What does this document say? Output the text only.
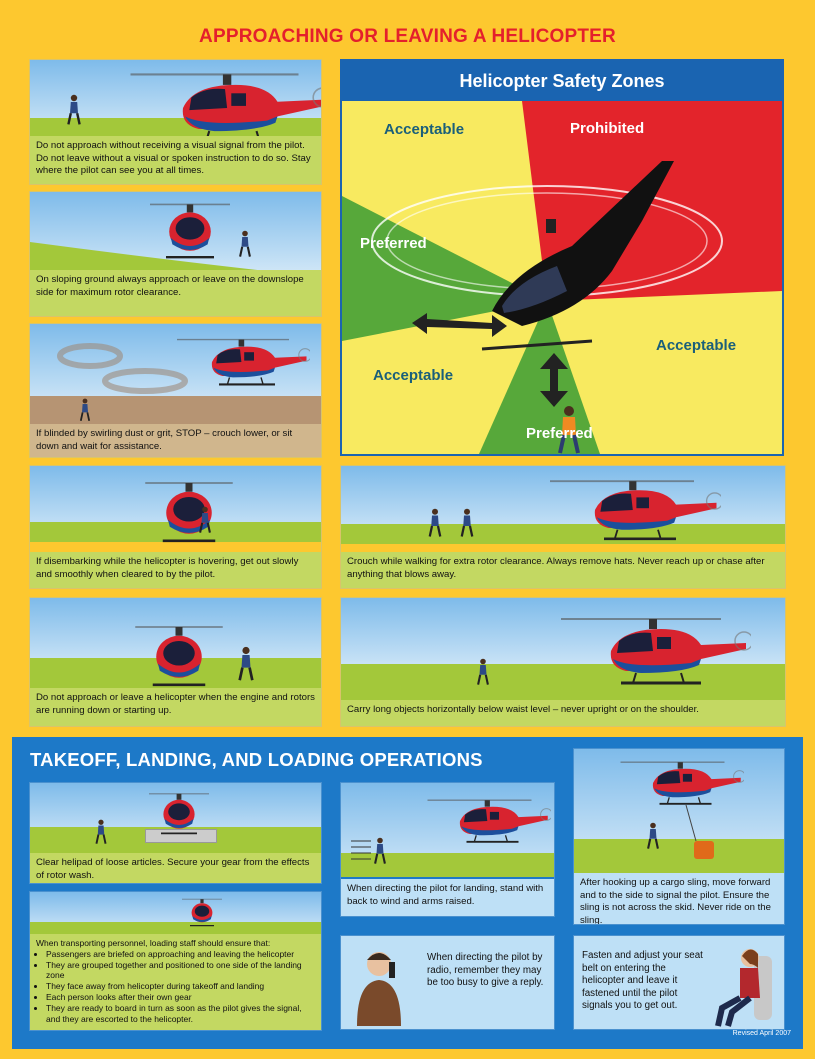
APPROACHING OR LEAVING A HELICOPTER
Do not approach without receiving a visual signal from the pilot. Do not leave without a visual or spoken instruction to do so. Stay where the pilot can see you at all times.
On sloping ground always approach or leave on the downslope side for maximum rotor clearance.
If blinded by swirling dust or grit, STOP – crouch lower, or sit down and wait for assistance.
If disembarking while the helicopter is hovering, get out slowly and smoothly when cleared to by the pilot.
Do not approach or leave a helicopter when the engine and rotors are running down or starting up.
Helicopter Safety Zones
Acceptable	Prohibited
Preferred
Acceptable
Acceptable
Preferred
Crouch while walking for extra rotor clearance. Always remove hats. Never reach up or chase after anything that blows away.
Carry long objects horizontally below waist level – never upright or on the shoulder.
TAKEOFF, LANDING, AND LOADING OPERATIONS
Clear helipad of loose articles. Secure your gear from the effects of rotor wash.
When transporting personnel, loading staff should ensure that:
• Passengers are briefed on approaching and leaving the helicopter
• They are grouped together and positioned to one side of the landing zone
• They face away from helicopter during takeoff and landing
• Each person looks after their own gear
• They are ready to board in turn as soon as the pilot gives the signal, and they are escorted to the helicopter.
When directing the pilot for landing, stand with back to wind and arms raised.
When directing the pilot by radio, remember they may be too busy to give a reply.
After hooking up a cargo sling, move forward and to the side to signal the pilot. Ensure the sling is not across the skid. Never ride on the sling.
Fasten and adjust your seat belt on entering the helicopter and leave it fastened until the pilot signals you to get out.
Revised April 2007
